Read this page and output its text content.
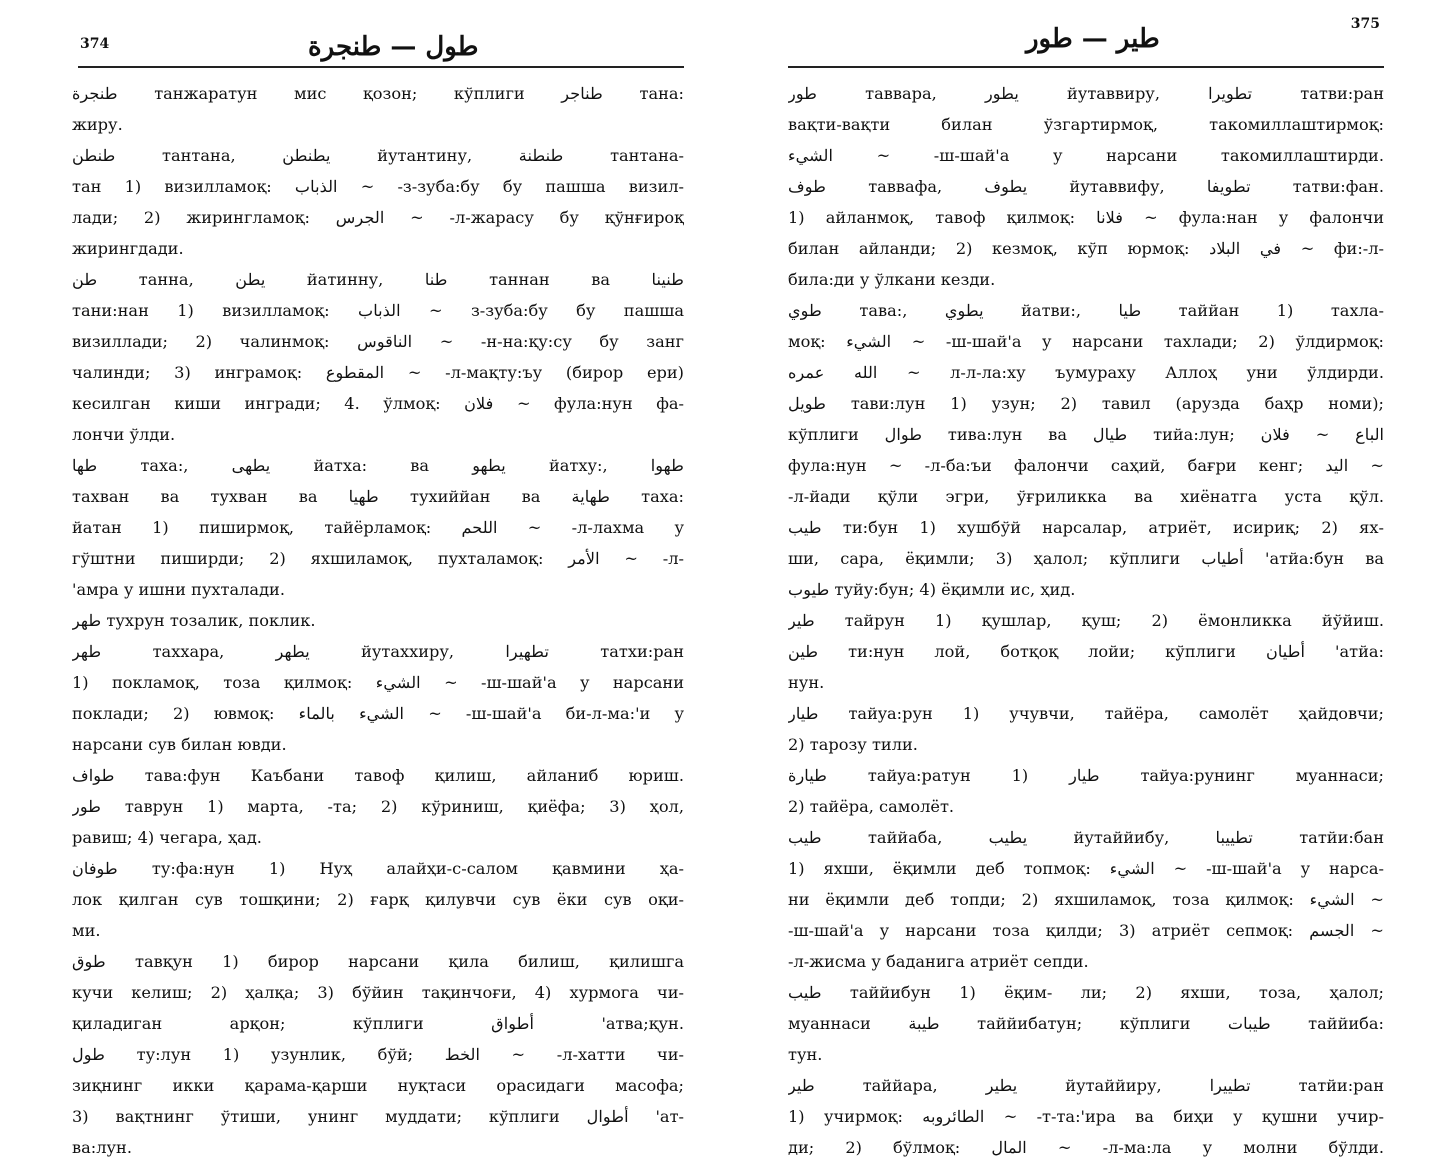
374	طول — طنجرة
طنجرة танжаратун мис қозон; кўплиги طناجر тана:
жиру.
طنطن тантана, يطنطن йутантину, طنطنة тантана-
тан 1) визилламоқ: الذباب ~ -з-зуба:бу бу пашша визил-
лади; 2) жирингламоқ: الجرس ~ -л-жарасу бу қўнғироқ
жирингдади.
طن танна, يطن йатинну, طنا таннан ва طنينا
тани:нан 1) визилламоқ: الذباب ~ з-зуба:бу бу пашша
визиллади; 2) чалинмоқ: الناقوس ~ -н-на:қу:су бу занг
чалинди; 3) инграмоқ: المقطوع ~ -л-мақту:ъу (бирор ери)
кесилган киши ингради; 4. ўлмоқ: فلان ~ фула:нун фа-
лончи ўлди.
طها таха:, يطهى йатха: ва يطهو йатху:, طهوا
тахван ва тухван ва طهيا тухиййан ва طهاية таха:
йатан 1) пиширмоқ, тайёрламоқ: اللحم ~ -л-лахма у
гўштни пиширди; 2) яхшиламоқ, пухталамоқ: الأمر ~ -л-
'амра у ишни пухталади.
طهر тухрун тозалик, поклик.
طهر таххара, يطهر йутаххиру, تطهيرا татхи:ран
1) покламоқ, тоза қилмоқ: الشيء ~ -ш-шай'а у нарсани
поклади; 2) ювмоқ: الشيء بالماء ~ -ш-шай'а би-л-ма:'и у
нарсани сув билан ювди.
طواف тава:фун Каъбани тавоф қилиш, айланиб юриш.
طور таврун 1) марта, -та; 2) кўриниш, қиёфа; 3) ҳол,
равиш; 4) чегара, ҳад.
طوفان ту:фа:нун 1) Нуҳ алайҳи-с-салом қавмини ҳа-
лок қилган сув тошқини; 2) ғарқ қилувчи сув ёки сув оқи-
ми.
طوق тавқун 1) бирор нарсани қила билиш, қилишга
кучи келиш; 2) ҳалқа; 3) бўйин тақинчоғи, 4) хурмога чи-
қиладиган арқон; кўплиги أطواق 'атва;қун.
طول ту:лун 1) узунлик, бўй; الخط ~ -л-хатти чи-
зиқнинг икки қарама-қарши нуқтаси орасидаги масофа;
3) вақтнинг ўтиши, унинг муддати; кўплиги أطوال 'ат-
ва:лун.
طير — طور	375
طور таввара, يطور йутаввиру, تطويرا татви:ран
вақти-вақти билан ўзгартирмоқ, такомиллаштирмоқ:
الشيء ~ -ш-шай'а у нарсани такомиллаштирди.
طوف таввафа, يطوف йутаввифу, تطويفا татви:фан.
1) айланмоқ, тавоф қилмоқ: فلانا ~ фула:нан у фалончи
билан айланди; 2) кезмоқ, кўп юрмоқ: في البلاد ~ фи:-л-
била:ди у ўлкани кезди.
طوي тава:, يطوي йатви:, طيا таййан 1) тахла-
моқ: الشيء ~ -ш-шай'а у нарсани тахлади; 2) ўлдирмоқ:
الله عمره ~ л-л-ла:ху ъумураху Аллоҳ уни ўлдирди.
طويل тави:лун 1) узун; 2) тавил (арузда баҳр номи);
кўплиги طوال тива:лун ва طيال тийа:лун; الباع ~ فلان
фула:нун ~ -л-ба:ъи фалончи саҳий, бағри кенг; اليد ~
-л-йади қўли эгри, ўғриликка ва хиёнатга уста қўл.
طيب ти:бун 1) хушбўй нарсалар, атриёт, исириқ; 2) ях-
ши, сара, ёқимли; 3) ҳалол; кўплиги أطياب 'атйа:бун ва
طيوب туйу:бун; 4) ёқимли ис, ҳид.
طير тайрун 1) қушлар, қуш; 2) ёмонликка йўйиш.
طين ти:нун лой, ботқоқ лойи; кўплиги أطيان 'атйа:
нун.
طيار тайya:рун 1) учувчи, тайёра, самолёт ҳайдовчи;
2) тарозу тили.
طيارة тайya:ратун 1) طيار тайya:рунинг муаннаси;
2) тайёра, самолёт.
طيب таййаба, يطيب йутаййибу, تطييبا татйи:бан
1) яхши, ёқимли деб топмоқ: الشيء ~ -ш-шай'а у нарса-
ни ёқимли деб топди; 2) яхшиламоқ, тоза қилмоқ: الشيء ~
-ш-шай'а у нарсани тоза қилди; 3) атриёт сепмоқ: الجسم ~
-л-жисма у баданига атриёт сепди.
طيب таййибун 1) ёқим- ли; 2) яхши, тоза, ҳалол;
муаннаси طيبة таййибатун; кўплиги طيبات таййиба:
тун.
طير таййара, يطير йутаййиру, تطييرا татйи:ран
1) учирмоқ: الطائروبه ~ -т-та:'ира ва биҳи у қушни учир-
ди; 2) бўлмоқ: المال ~ -л-ма:ла у молни бўлди.
